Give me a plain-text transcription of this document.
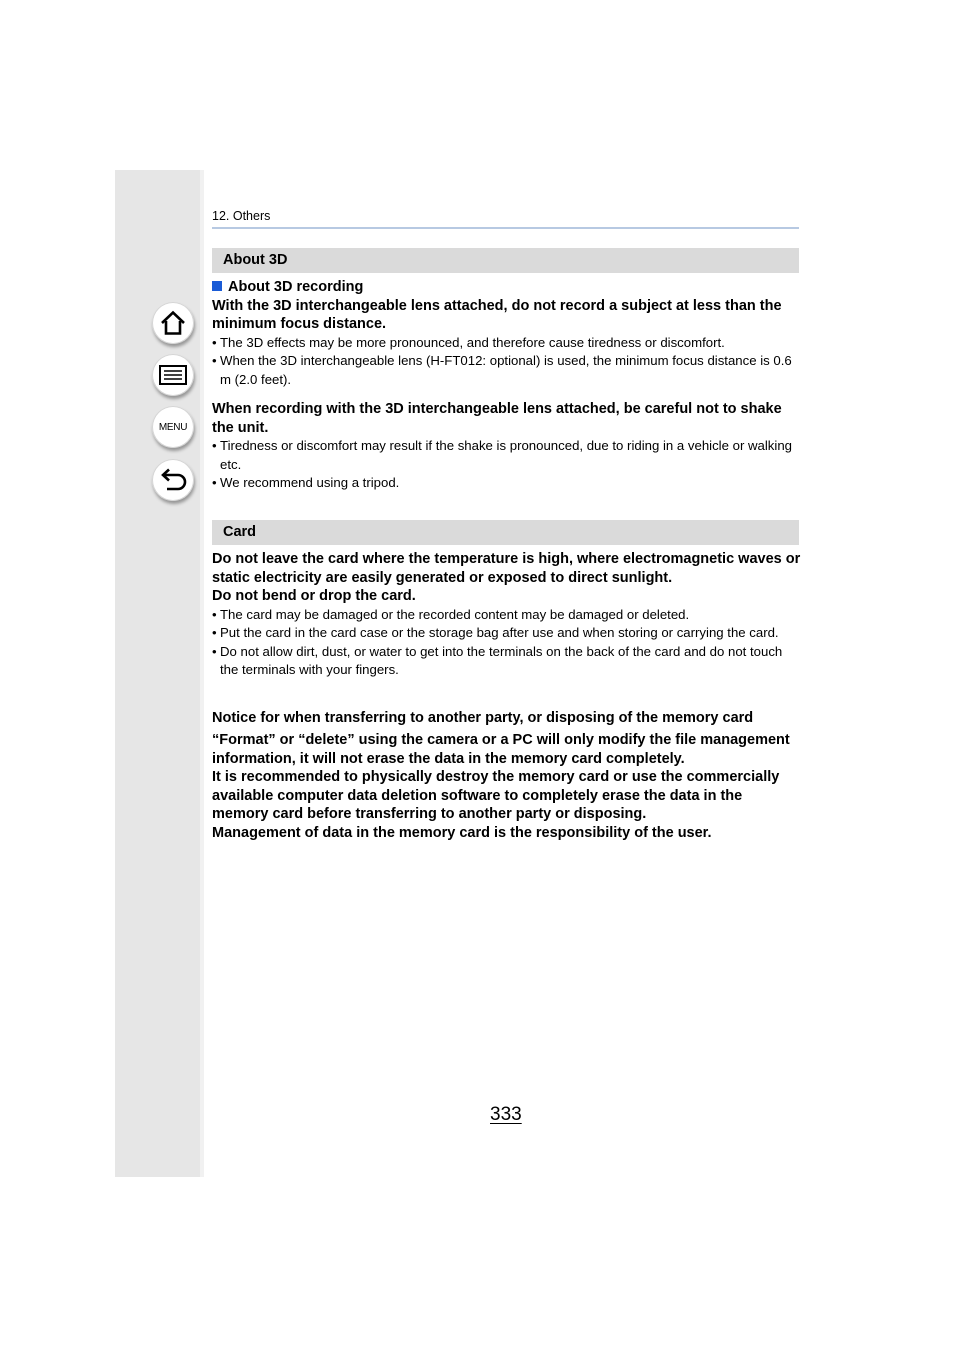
MENU
12. Others
About 3D
About 3D recording
With the 3D interchangeable lens attached, do not record a subject at less than the minimum focus distance.
• The 3D effects may be more pronounced, and therefore cause tiredness or discomfort.
• When the 3D interchangeable lens (H-FT012: optional) is used, the minimum focus distance is 0.6 m (2.0 feet).
When recording with the 3D interchangeable lens attached, be careful not to shake the unit.
• Tiredness or discomfort may result if the shake is pronounced, due to riding in a vehicle or walking etc.
• We recommend using a tripod.
Card
Do not leave the card where the temperature is high, where electromagnetic waves or static electricity are easily generated or exposed to direct sunlight.
Do not bend or drop the card.
• The card may be damaged or the recorded content may be damaged or deleted.
• Put the card in the card case or the storage bag after use and when storing or carrying the card.
• Do not allow dirt, dust, or water to get into the terminals on the back of the card and do not touch the terminals with your fingers.
Notice for when transferring to another party, or disposing of the memory card
“Format” or “delete” using the camera or a PC will only modify the file management information, it will not erase the data in the memory card completely.
It is recommended to physically destroy the memory card or use the commercially available computer data deletion software to completely erase the data in the memory card before transferring to another party or disposing.
Management of data in the memory card is the responsibility of the user.
333
